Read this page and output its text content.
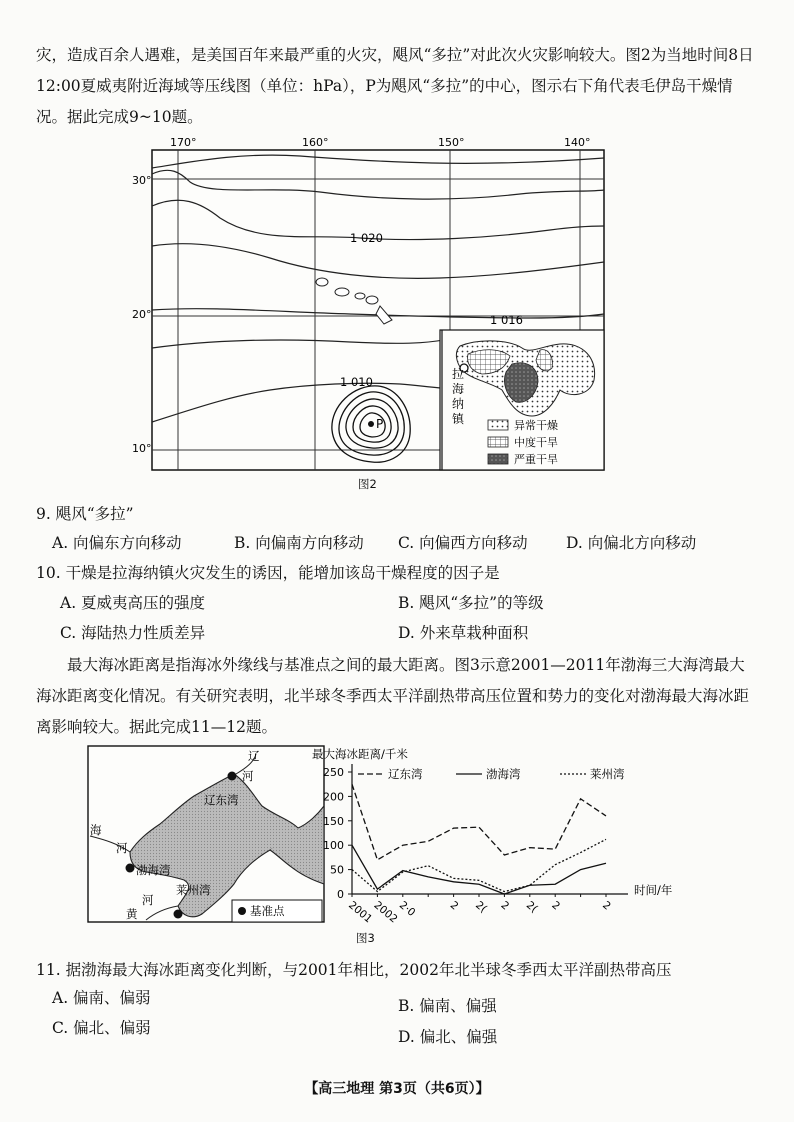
灾，造成百余人遇难，是美国百年来最严重的火灾，飓风“多拉”对此次火灾影响较大。图2为当地时间8日12:00夏威夷附近海域等压线图（单位：hPa），P为飓风“多拉”的中心，图示右下角代表毛伊岛干燥情况。据此完成9~10题。

170°	160°	150°	140°
30°
20°
10°
1 020
1 016
1 010
P
拉海纳镇	异常干燥
中度干旱
严重干旱
图2
9. 飓风“多拉”
A. 向偏东方向移动	B. 向偏南方向移动 C. 向偏西方向移动 D. 向偏北方向移动
10. 干燥是拉海纳镇火灾发生的诱因，能增加该岛干燥程度的因子是
A. 夏威夷高压的强度	B. 飓风“多拉”的等级
C. 海陆热力性质差异	D. 外来草栽种面积

最大海冰距离是指海冰外缘线与基准点之间的最大距离。图3示意2001—2011年渤海三大海湾最大海冰距离变化情况。有关研究表明，北半球冬季西太平洋副热带高压位置和势力的变化对渤海最大海冰距离影响较大。据此完成11—12题。

辽
河
辽东湾
海
河
渤海湾
莱州湾
黄
河
基准点
最大海冰距离/千米
辽东湾	渤海湾	莱州湾
0
50
100
150
200
250
2001
2002
2·0	2 2( 2 2( 2	2
时间/年
图3
11. 据渤海最大海冰距离变化判断，与2001年相比，2002年北半球冬季西太平洋副热带高压
A. 偏南、偏弱	B. 偏南、偏强
C. 偏北、偏弱	D. 偏北、偏强
【高三地理 第3页（共6页）】
